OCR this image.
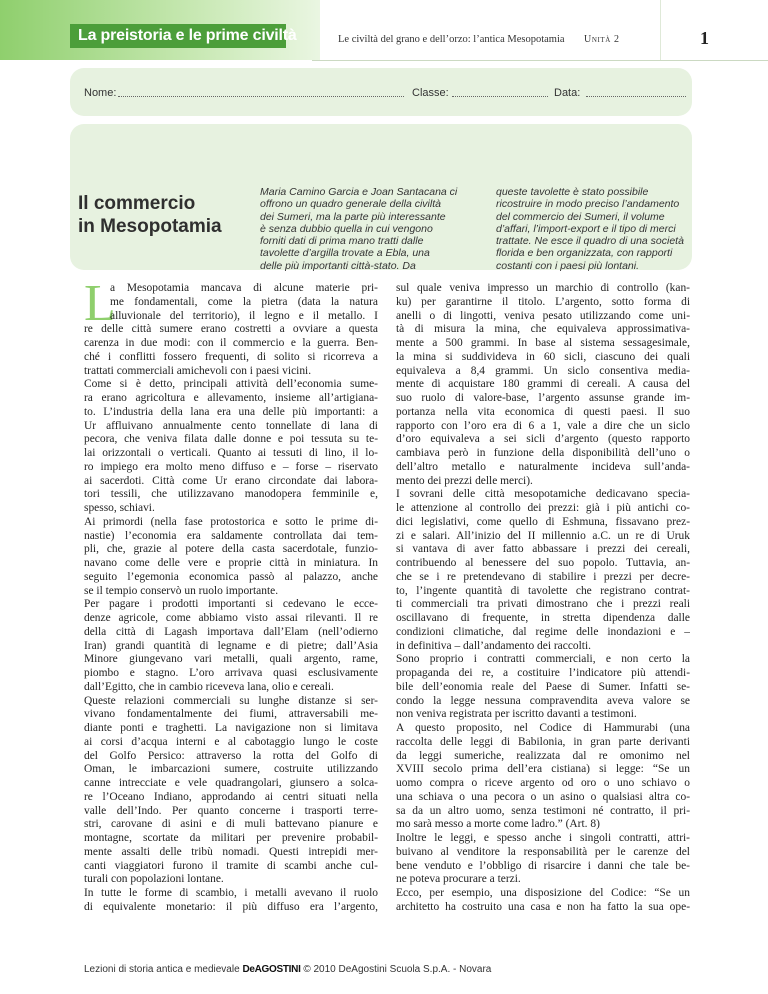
La preistoria e le prime civiltà	Le civiltà del grano e dell’orzo: l’antica Mesopotamia Unità 2	1
Nome:	Classe:	Data:
Il commercio
in Mesopotamia
Maria Camino Garcia e Joan Santacana ci
offrono un quadro generale della civiltà
dei Sumeri, ma la parte più interessante
è senza dubbio quella in cui vengono
forniti dati di prima mano tratti dalle
tavolette d’argilla trovate a Ebla, una
delle più importanti città-stato. Da
queste tavolette è stato possibile
ricostruire in modo preciso l’andamento
del commercio dei Sumeri, il volume
d’affari, l’import-export e il tipo di merci
trattate. Ne esce il quadro di una società
florida e ben organizzata, con rapporti
costanti con i paesi più lontani.
L
a Mesopotamia mancava di alcune materie pri-
me fondamentali, come la pietra (data la natura
alluvionale del territorio), il legno e il metallo. I
re delle città sumere erano costretti a ovviare a questa
carenza in due modi: con il commercio e la guerra. Ben-
ché i conflitti fossero frequenti, di solito si ricorreva a
trattati commerciali amichevoli con i paesi vicini.
Come si è detto, principali attività dell’economia sume-
ra erano agricoltura e allevamento, insieme all’artigiana-
to. L’industria della lana era una delle più importanti: a
Ur affluivano annualmente cento tonnellate di lana di
pecora, che veniva filata dalle donne e poi tessuta su te-
lai orizzontali o verticali. Quanto ai tessuti di lino, il lo-
ro impiego era molto meno diffuso e – forse – riservato
ai sacerdoti. Città come Ur erano circondate dai labora-
tori tessili, che utilizzavano manodopera femminile e,
spesso, schiavi.
Ai primordi (nella fase protostorica e sotto le prime di-
nastie) l’economia era saldamente controllata dai tem-
pli, che, grazie al potere della casta sacerdotale, funzio-
navano come delle vere e proprie città in miniatura. In
seguito l’egemonia economica passò al palazzo, anche
se il tempio conservò un ruolo importante.
Per pagare i prodotti importanti si cedevano le ecce-
denze agricole, come abbiamo visto assai rilevanti. Il re
della città di Lagash importava dall’Elam (nell’odierno
Iran) grandi quantità di legname e di pietre; dall’Asia
Minore giungevano vari metalli, quali argento, rame,
piombo e stagno. L’oro arrivava quasi esclusivamente
dall’Egitto, che in cambio riceveva lana, olio e cereali.
Queste relazioni commerciali su lunghe distanze si ser-
vivano fondamentalmente dei fiumi, attraversabili me-
diante ponti e traghetti. La navigazione non si limitava
ai corsi d’acqua interni e al cabotaggio lungo le coste
del Golfo Persico: attraverso la rotta del Golfo di
Oman, le imbarcazioni sumere, costruite utilizzando
canne intrecciate e vele quadrangolari, giunsero a solca-
re l’Oceano Indiano, approdando ai centri situati nella
valle dell’Indo. Per quanto concerne i trasporti terre-
stri, carovane di asini e di muli battevano pianure e
montagne, scortate da militari per prevenire probabil-
mente assalti delle tribù nomadi. Questi intrepidi mer-
canti viaggiatori furono il tramite di scambi anche cul-
turali con popolazioni lontane.
In tutte le forme di scambio, i metalli avevano il ruolo
di equivalente monetario: il più diffuso era l’argento,
sul quale veniva impresso un marchio di controllo (kan-
ku) per garantirne il titolo. L’argento, sotto forma di
anelli o di lingotti, veniva pesato utilizzando come uni-
tà di misura la mina, che equivaleva approssimativa-
mente a 500 grammi. In base al sistema sessagesimale,
la mina si suddivideva in 60 sicli, ciascuno dei quali
equivaleva a 8,4 grammi. Un siclo consentiva media-
mente di acquistare 180 grammi di cereali. A causa del
suo ruolo di valore-base, l’argento assunse grande im-
portanza nella vita economica di questi paesi. Il suo
rapporto con l’oro era di 6 a 1, vale a dire che un siclo
d’oro equivaleva a sei sicli d’argento (questo rapporto
cambiava però in funzione della disponibilità dell’uno o
dell’altro metallo e naturalmente incideva sull’anda-
mento dei prezzi delle merci).
I sovrani delle città mesopotamiche dedicavano specia-
le attenzione al controllo dei prezzi: già i più antichi co-
dici legislativi, come quello di Eshmuna, fissavano prez-
zi e salari. All’inizio del II millennio a.C. un re di Uruk
si vantava di aver fatto abbassare i prezzi dei cereali,
contribuendo al benessere del suo popolo. Tuttavia, an-
che se i re pretendevano di stabilire i prezzi per decre-
to, l’ingente quantità di tavolette che registrano contrat-
ti commerciali tra privati dimostrano che i prezzi reali
oscillavano di frequente, in stretta dipendenza dalle
condizioni climatiche, dal regime delle inondazioni e –
in definitiva – dall’andamento dei raccolti.
Sono proprio i contratti commerciali, e non certo la
propaganda dei re, a costituire l’indicatore più attendi-
bile dell’eonomia reale del Paese di Sumer. Infatti se-
condo la legge nessuna compravendita aveva valore se
non veniva registrata per iscritto davanti a testimoni.
A questo proposito, nel Codice di Hammurabi (una
raccolta delle leggi di Babilonia, in gran parte derivanti
da leggi sumeriche, realizzata dal re omonimo nel
XVIII secolo prima dell’era cistiana) si legge: “Se un
uomo compra o riceve argento od oro o uno schiavo o
una schiava o una pecora o un asino o qualsiasi altra co-
sa da un altro uomo, senza testimoni né contratto, il pri-
mo sarà messo a morte come ladro.” (Art. 8)
Inoltre le leggi, e spesso anche i singoli contratti, attri-
buivano al venditore la responsabilità per le carenze del
bene venduto e l’obbligo di risarcire i danni che tale be-
ne poteva procurare a terzi.
Ecco, per esempio, una disposizione del Codice: “Se un
architetto ha costruito una casa e non ha fatto la sua ope-
Lezioni di storia antica e medievale DeAGOSTINI © 2010 DeAgostini Scuola S.p.A. - Novara
